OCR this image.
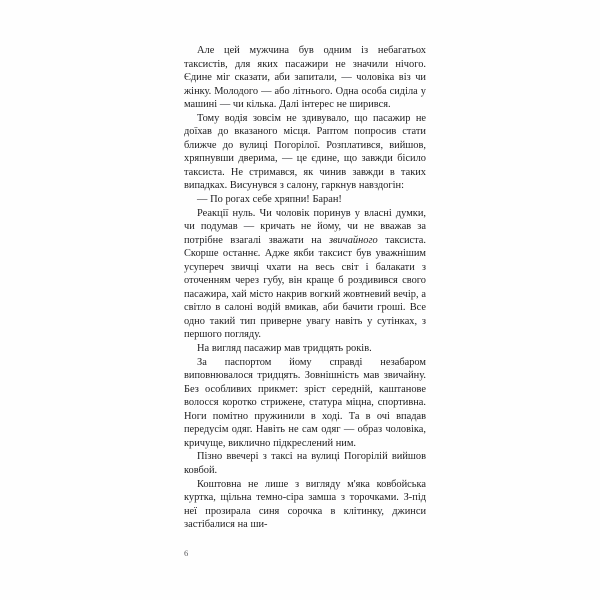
Але цей мужчина був одним із небагатьох таксистів, для яких пасажири не значили нічого. Єдине міг сказати, аби запитали, — чоловіка віз чи жінку. Молодого — або літнього. Одна особа сиділа у машині — чи кілька. Далі інтерес не ширився.

Тому водія зовсім не здивувало, що пасажир не доїхав до вказаного місця. Раптом попросив стати ближче до вулиці Погорілої. Розплатився, вийшов, хряпнувши дверима, — це єдине, що завжди бісило таксиста. Не стримався, як чинив завжди в таких випадках. Висунувся з салону, гаркнув навздогін:

— По рогах себе хряпни! Баран!

Реакції нуль. Чи чоловік поринув у власні думки, чи подумав — кричать не йому, чи не вважав за потрібне взагалі зважати на звичайного таксиста. Скорше останнє. Адже якби таксист був уважнішим усупереч звичці чхати на весь світ і балакати з оточенням через губу, він краще б роздивився свого пасажира, хай місто накрив вогкий жовтневий вечір, а світло в салоні водій вмикав, аби бачити гроші. Все одно такий тип приверне увагу навіть у сутінках, з першого погляду.

На вигляд пасажир мав тридцять років.

За паспортом йому справді незабаром виповнювалося тридцять. Зовнішність мав звичайну. Без особливих прикмет: зріст середній, каштанове волосся коротко стрижене, статура міцна, спортивна. Ноги помітно пружинили в ході. Та в очі впадав передусім одяг. Навіть не сам одяг — образ чоловіка, кричуще, виклично підкреслений ним.

Пізно ввечері з таксі на вулиці Погорілій вийшов ковбой.

Коштовна не лише з вигляду м'яка ковбойська куртка, щільна темно-сіра замша з торочками. З-під неї прозирала синя сорочка в клітинку, джинси застібалися на ши-

6
